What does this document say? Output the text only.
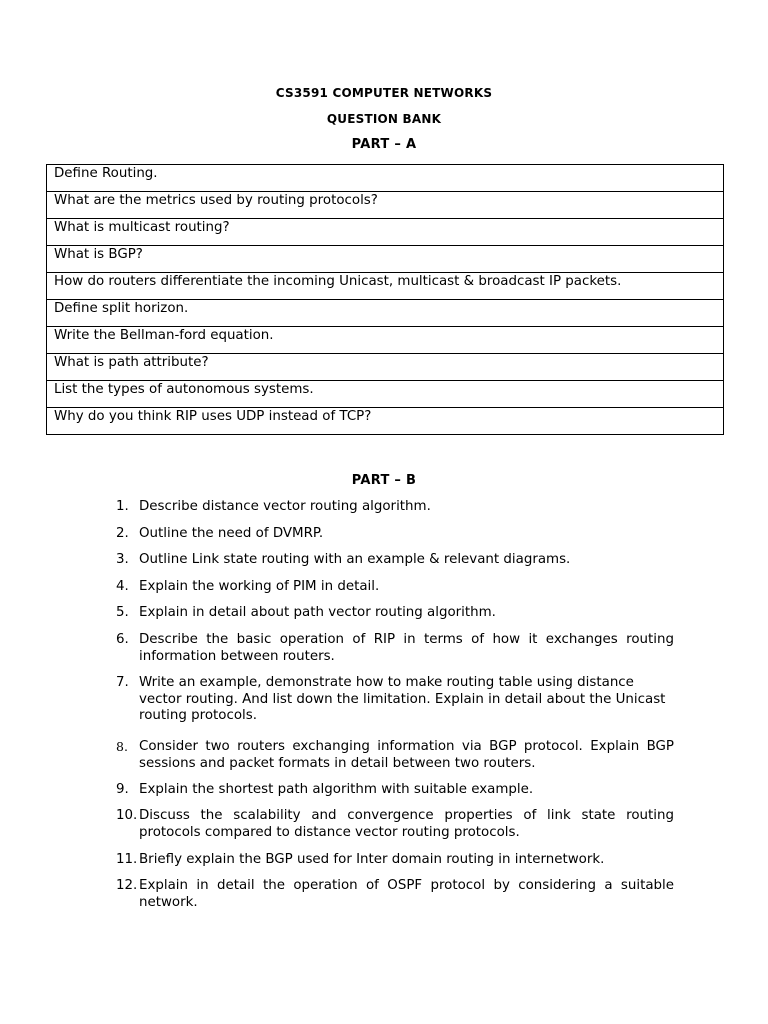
CS3591 COMPUTER NETWORKS
QUESTION BANK
PART – A
Define Routing.
What are the metrics used by routing protocols?
What is multicast routing?
What is BGP?
How do routers differentiate the incoming Unicast, multicast & broadcast IP packets.
Define split horizon.
Write the Bellman-ford equation.
What is path attribute?
List the types of autonomous systems.
Why do you think RIP uses UDP instead of TCP?
PART – B
1. Describe distance vector routing algorithm.
2. Outline the need of DVMRP.
3. Outline Link state routing with an example & relevant diagrams.
4. Explain the working of PIM in detail.
5. Explain in detail about path vector routing algorithm.
6. Describe the basic operation of RIP in terms of how it exchanges routing information between routers.
7. Write an example, demonstrate how to make routing table using distance vector routing. And list down the limitation. Explain in detail about the Unicast routing protocols.
8. Consider two routers exchanging information via BGP protocol. Explain BGP sessions and packet formats in detail between two routers.
9. Explain the shortest path algorithm with suitable example.
10. Discuss the scalability and convergence properties of link state routing protocols compared to distance vector routing protocols.
11. Briefly explain the BGP used for Inter domain routing in internetwork.
12. Explain in detail the operation of OSPF protocol by considering a suitable network.
